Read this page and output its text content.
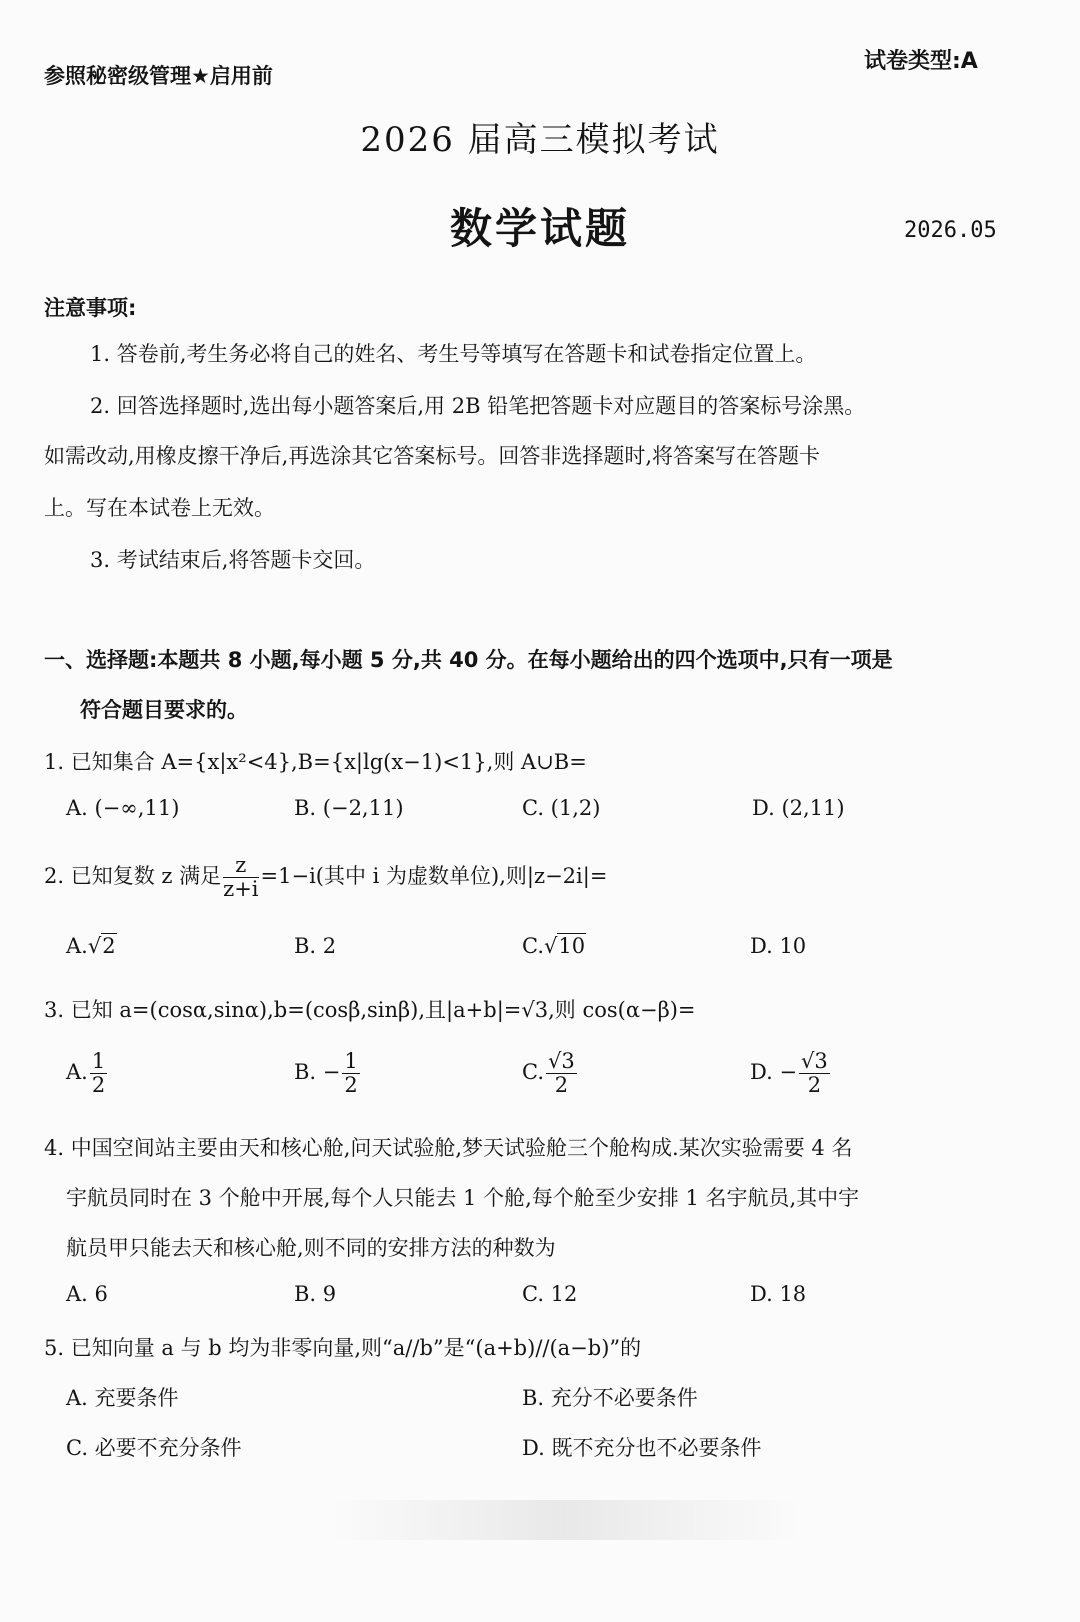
参照秘密级管理★启用前
试卷类型:A
2026 届高三模拟考试
数学试题	2026.05
注意事项:
1. 答卷前,考生务必将自己的姓名、考生号等填写在答题卡和试卷指定位置上。
2. 回答选择题时,选出每小题答案后,用 2B 铅笔把答题卡对应题目的答案标号涂黑。
如需改动,用橡皮擦干净后,再选涂其它答案标号。回答非选择题时,将答案写在答题卡
上。写在本试卷上无效。
3. 考试结束后,将答题卡交回。
一、选择题:本题共 8 小题,每小题 5 分,共 40 分。在每小题给出的四个选项中,只有一项是
符合题目要求的。
1. 已知集合 A={x|x²<4},B={x|lg(x−1)<1},则 A∪B=
A. (−∞,11)	B. (−2,11)	C. (1,2)	D. (2,11)
2. 已知复数 z 满足 $\frac{z}{z+i} =1-i$(其中 i 为虚数单位),则|z−2i|=
A.√2	B. 2	C.√10	D. 10
3. 已知 a=(cosα,sinα),b=(cosβ,sinβ),且|a+b|=√3,则 cos(α−β)=
A. $\frac{1}{2}$	B. − $\frac{1}{2}$	C. $\frac{√3}{2}$	D. − $\frac{√3}{2}$
4. 中国空间站主要由天和核心舱,问天试验舱,梦天试验舱三个舱构成.某次实验需要 4 名
宇航员同时在 3 个舱中开展,每个人只能去 1 个舱,每个舱至少安排 1 名宇航员,其中宇
航员甲只能去天和核心舱,则不同的安排方法的种数为
A. 6	B. 9	C. 12	D. 18
5. 已知向量 a 与 b 均为非零向量,则“a//b”是“(a+b)//(a−b)”的
A. 充要条件	B. 充分不必要条件
C. 必要不充分条件	D. 既不充分也不必要条件
